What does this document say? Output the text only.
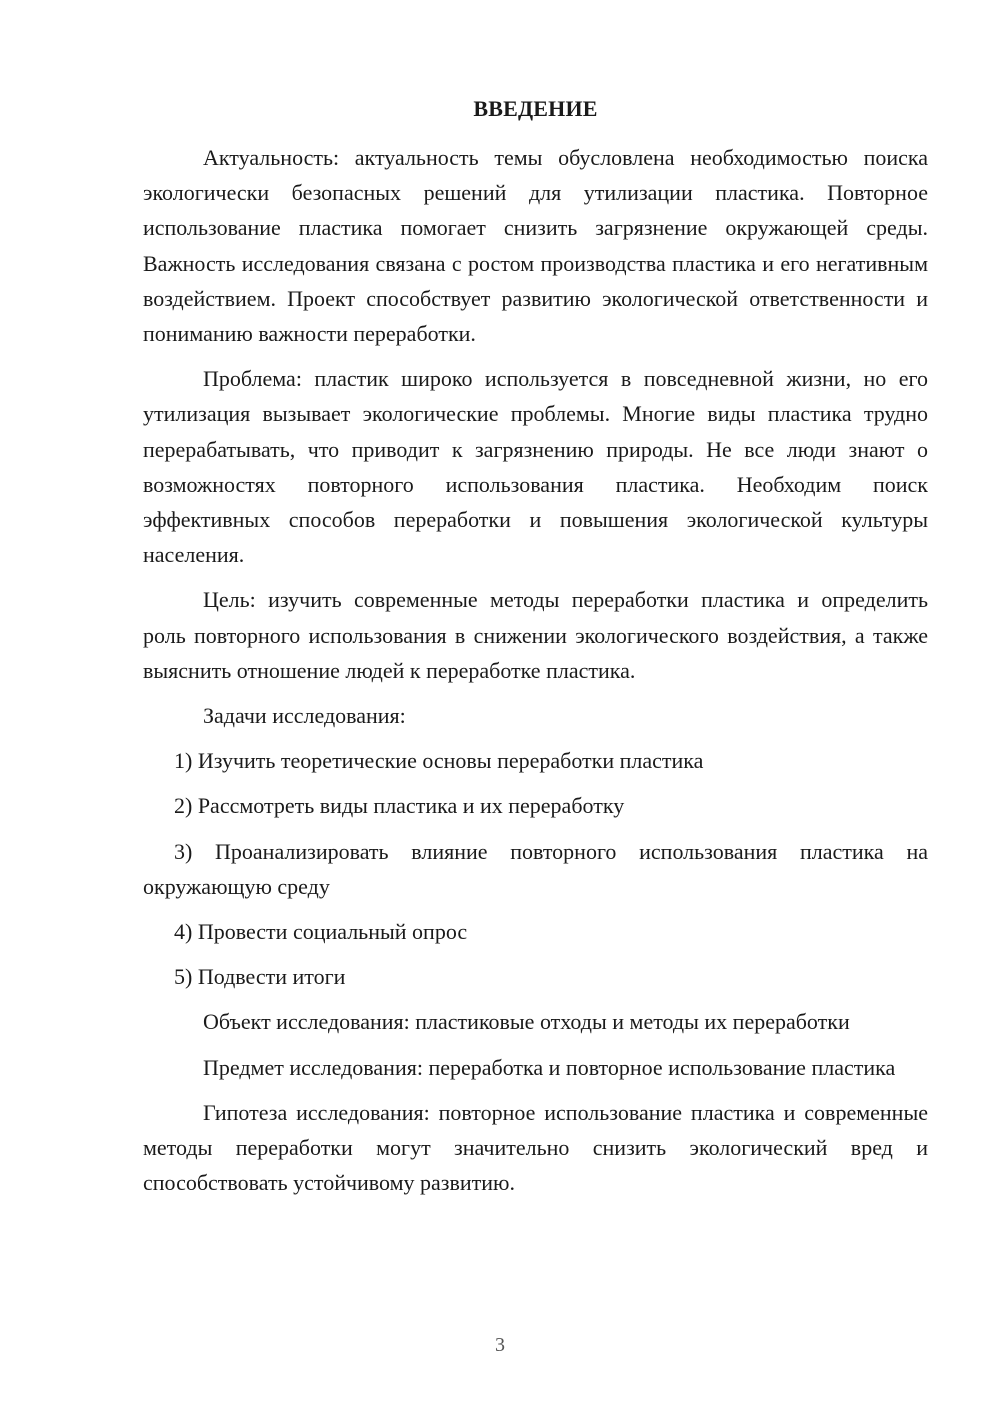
ВВЕДЕНИЕ

Актуальность: актуальность темы обусловлена необходимостью поиска экологически безопасных решений для утилизации пластика. Повторное использование пластика помогает снизить загрязнение окружающей среды. Важность исследования связана с ростом производства пластика и его негативным воздействием. Проект способствует развитию экологической ответственности и пониманию важности переработки.

Проблема: пластик широко используется в повседневной жизни, но его утилизация вызывает экологические проблемы. Многие виды пластика трудно перерабатывать, что приводит к загрязнению природы. Не все люди знают о возможностях повторного использования пластика. Необходим поиск эффективных способов переработки и повышения экологической культуры населения.

Цель: изучить современные методы переработки пластика и определить роль повторного использования в снижении экологического воздействия, а также выяснить отношение людей к переработке пластика.

Задачи исследования:

1) Изучить теоретические основы переработки пластика

2) Рассмотреть виды пластика и их переработку

3) Проанализировать влияние повторного использования пластика на окружающую среду

4) Провести социальный опрос

5) Подвести итоги

Объект исследования: пластиковые отходы и методы их переработки

Предмет исследования: переработка и повторное использование пластика

Гипотеза исследования: повторное использование пластика и современные методы переработки могут значительно снизить экологический вред и способствовать устойчивому развитию.

3
